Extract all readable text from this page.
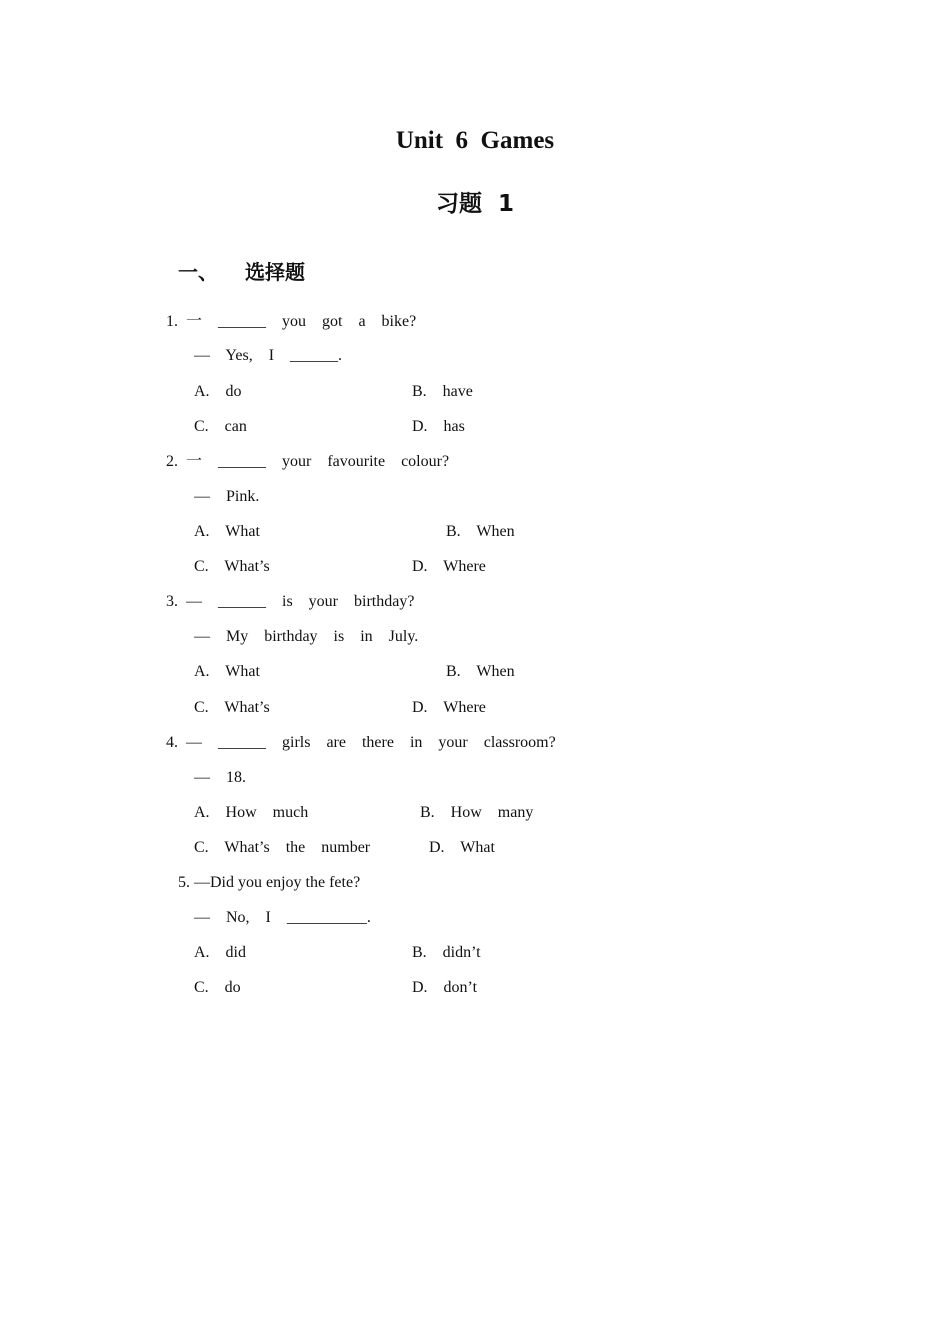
Unit  6  Games
习题  1
一、 选择题
1. 一  ______  you  got  a  bike?
—  Yes,  I  ______.
A.  do	B.  have
C.  can	D.  has
2. 一  ______  your  favourite  colour?
—  Pink.
A.  What	B.  When
C.  What’s	D.  Where
3. —  ______  is  your  birthday?
—  My  birthday  is  in  July.
A.  What	B.  When
C.  What’s	D.  Where
4. —  ______  girls  are  there  in  your  classroom?
—  18.
A.  How  much	B.  How  many
C.  What’s  the  number	D.  What
5. —Did you enjoy the fete?
—  No,  I  __________.
A.  did	B.  didn’t
C.  do	D.  don’t
